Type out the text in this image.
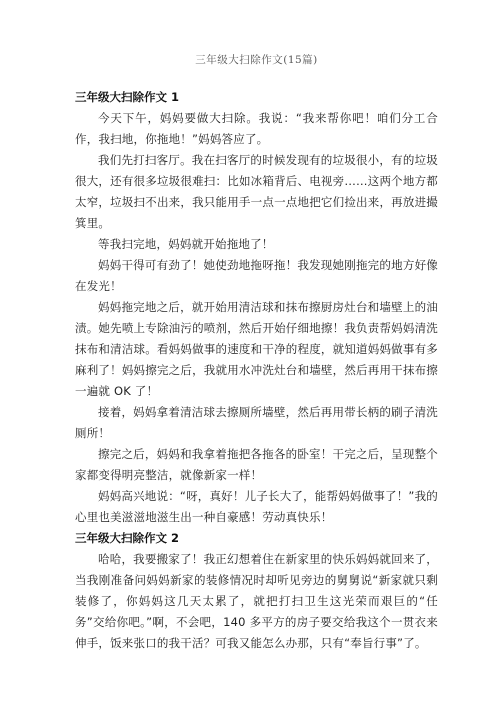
三年级大扫除作文(15篇)

三年级大扫除作文 1

今天下午，妈妈要做大扫除。我说：“我来帮你吧！咱们分工合作，我扫地，你拖地！”妈妈答应了。

我们先打扫客厅。我在扫客厅的时候发现有的垃圾很小，有的垃圾很大，还有很多垃圾很难扫：比如冰箱背后、电视旁……这两个地方都太窄，垃圾扫不出来，我只能用手一点一点地把它们捡出来，再放进撮箕里。

等我扫完地，妈妈就开始拖地了！

妈妈干得可有劲了！她使劲地拖呀拖！我发现她刚拖完的地方好像在发光！

妈妈拖完地之后，就开始用清洁球和抹布擦厨房灶台和墙壁上的油渍。她先喷上专除油污的喷剂，然后开始仔细地擦！我负责帮妈妈清洗抹布和清洁球。看妈妈做事的速度和干净的程度，就知道妈妈做事有多麻利了！妈妈擦完之后，我就用水冲洗灶台和墙壁，然后再用干抹布擦一遍就 OK 了！

接着，妈妈拿着清洁球去擦厕所墙壁，然后再用带长柄的刷子清洗厕所！

擦完之后，妈妈和我拿着拖把各拖各的卧室！干完之后，呈现整个家都变得明亮整洁，就像新家一样！

妈妈高兴地说：“呀，真好！儿子长大了，能帮妈妈做事了！”我的心里也美滋滋地滋生出一种自豪感！劳动真快乐！

三年级大扫除作文 2

哈哈，我要搬家了！我正幻想着住在新家里的快乐妈妈就回来了，当我刚准备问妈妈新家的装修情况时却听见旁边的舅舅说“新家就只剩装修了，你妈妈这几天太累了，就把打扫卫生这光荣而艰巨的“任务”交给你吧。”啊，不会吧，140 多平方的房子要交给我这个一贯衣来伸手，饭来张口的我干活？可我又能怎么办那，只有“奉旨行事”了。
